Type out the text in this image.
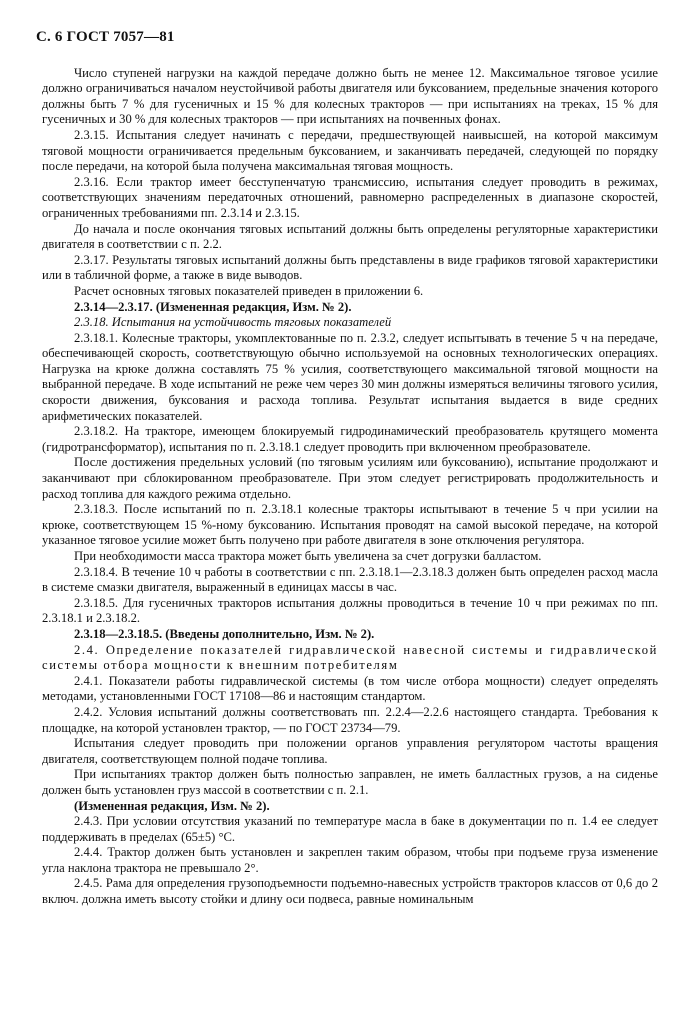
С. 6 ГОСТ 7057—81

Число ступеней нагрузки на каждой передаче должно быть не менее 12. Максимальное тяговое усилие должно ограничиваться началом неустойчивой работы двигателя или буксованием, предельные значения которого должны быть 7 % для гусеничных и 15 % для колесных тракторов — при испытаниях на треках, 15 % для гусеничных и 30 % для колесных тракторов — при испытаниях на почвенных фонах.

2.3.15. Испытания следует начинать с передачи, предшествующей наивысшей, на которой максимум тяговой мощности ограничивается предельным буксованием, и заканчивать передачей, следующей по порядку после передачи, на которой была получена максимальная тяговая мощность.

2.3.16. Если трактор имеет бесступенчатую трансмиссию, испытания следует проводить в режимах, соответствующих значениям передаточных отношений, равномерно распределенных в диапазоне скоростей, ограниченных требованиями пп. 2.3.14 и 2.3.15.

До начала и после окончания тяговых испытаний должны быть определены регуляторные характеристики двигателя в соответствии с п. 2.2.

2.3.17. Результаты тяговых испытаний должны быть представлены в виде графиков тяговой характеристики или в табличной форме, а также в виде выводов.

Расчет основных тяговых показателей приведен в приложении 6.

2.3.14—2.3.17. (Измененная редакция, Изм. № 2).

2.3.18. Испытания на устойчивость тяговых показателей

2.3.18.1. Колесные тракторы, укомплектованные по п. 2.3.2, следует испытывать в течение 5 ч на передаче, обеспечивающей скорость, соответствующую обычно используемой на основных технологических операциях. Нагрузка на крюке должна составлять 75 % усилия, соответствующего максимальной тяговой мощности на выбранной передаче. В ходе испытаний не реже чем через 30 мин должны измеряться величины тягового усилия, скорости движения, буксования и расхода топлива. Результат испытания выдается в виде средних арифметических показателей.

2.3.18.2. На тракторе, имеющем блокируемый гидродинамический преобразователь крутящего момента (гидротрансформатор), испытания по п. 2.3.18.1 следует проводить при включенном преобразователе.

После достижения предельных условий (по тяговым усилиям или буксованию), испытание продолжают и заканчивают при сблокированном преобразователе. При этом следует регистрировать продолжительность и расход топлива для каждого режима отдельно.

2.3.18.3. После испытаний по п. 2.3.18.1 колесные тракторы испытывают в течение 5 ч при усилии на крюке, соответствующем 15 %-ному буксованию. Испытания проводят на самой высокой передаче, на которой указанное тяговое усилие может быть получено при работе двигателя в зоне отключения регулятора.

При необходимости масса трактора может быть увеличена за счет догрузки балластом.

2.3.18.4. В течение 10 ч работы в соответствии с пп. 2.3.18.1—2.3.18.3 должен быть определен расход масла в системе смазки двигателя, выраженный в единицах массы в час.

2.3.18.5. Для гусеничных тракторов испытания должны проводиться в течение 10 ч при режимах по пп. 2.3.18.1 и 2.3.18.2.

2.3.18—2.3.18.5. (Введены дополнительно, Изм. № 2).

2.4. Определение показателей гидравлической навесной системы и гидравлической системы отбора мощности к внешним потребителям

2.4.1. Показатели работы гидравлической системы (в том числе отбора мощности) следует определять методами, установленными ГОСТ 17108—86 и настоящим стандартом.

2.4.2. Условия испытаний должны соответствовать пп. 2.2.4—2.2.6 настоящего стандарта. Требования к площадке, на которой установлен трактор, — по ГОСТ 23734—79.

Испытания следует проводить при положении органов управления регулятором частоты вращения двигателя, соответствующем полной подаче топлива.

При испытаниях трактор должен быть полностью заправлен, не иметь балластных грузов, а на сиденье должен быть установлен груз массой в соответствии с п. 2.1.

(Измененная редакция, Изм. № 2).

2.4.3. При условии отсутствия указаний по температуре масла в баке в документации по п. 1.4 ее следует поддерживать в пределах (65±5) °С.

2.4.4. Трактор должен быть установлен и закреплен таким образом, чтобы при подъеме груза изменение угла наклона трактора не превышало 2°.

2.4.5. Рама для определения грузоподъемности подъемно-навесных устройств тракторов классов от 0,6 до 2 включ. должна иметь высоту стойки и длину оси подвеса, равные номинальным
